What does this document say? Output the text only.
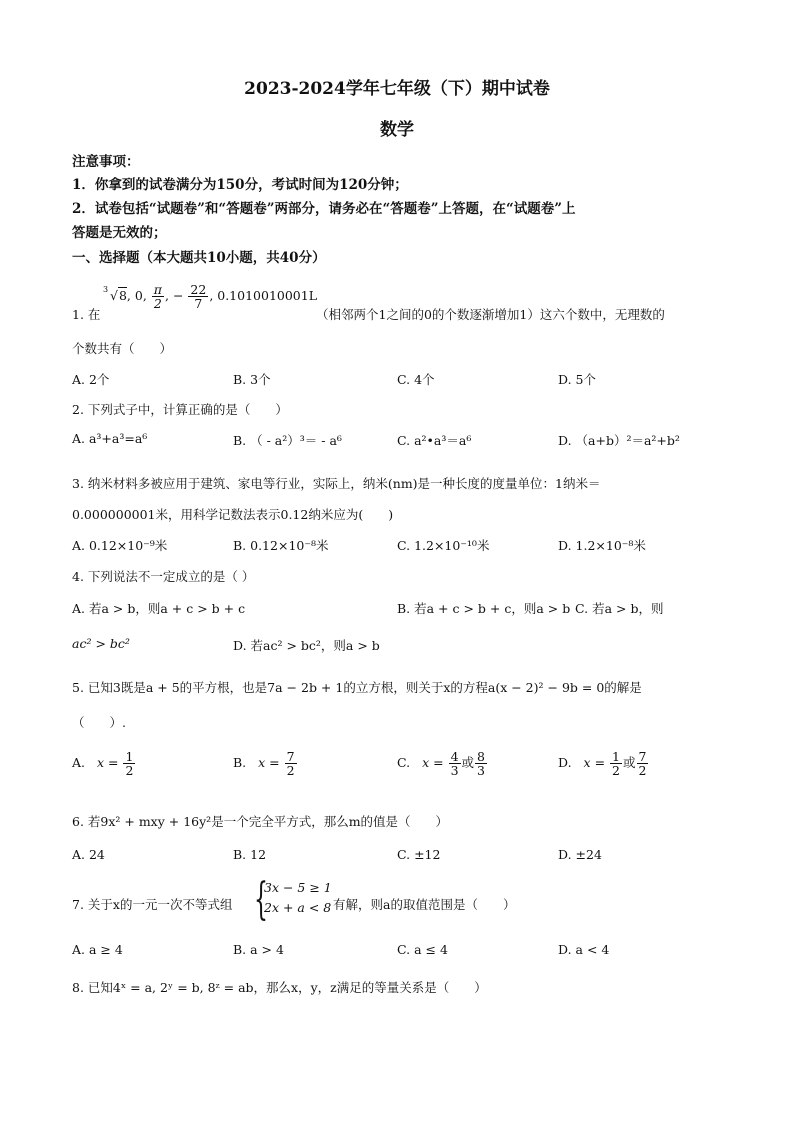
2023-2024学年七年级（下）期中试卷
数学
注意事项：
1．你拿到的试卷满分为150分，考试时间为120分钟；
2．试卷包括“试题卷”和“答题卷”两部分，请务必在“答题卷”上答题，在“试题卷”上
答题是无效的；
一、选择题（本大题共10小题，共40分）
1. 在
3 √8, 0, $\frac{\pi}{2}$ , − $\frac{22}{7}$ , 0.1010010001L
（相邻两个1之间的0的个数逐渐增加1）这六个数中，无理数的
个数共有（　　）
A. 2个	B. 3个	C. 4个	D. 5个
2. 下列式子中，计算正确的是（　　）
A. a³+a³=a⁶	B. （ - a²）³＝ - a⁶	C. a²•a³＝a⁶	D. （a+b）²＝a²+b²
3. 纳米材料多被应用于建筑、家电等行业，实际上，纳米(nm)是一种长度的度量单位：1纳米＝
0.000000001米，用科学记数法表示0.12纳米应为(　　)
A. 0.12×10⁻⁹米	B. 0.12×10⁻⁸米	C. 1.2×10⁻¹⁰米	D. 1.2×10⁻⁸米
4. 下列说法不一定成立的是（ ）
A. 若a > b，则a + c > b + c	B. 若a + c > b + c，则a > b C. 若a > b，则
ac² > bc²	D. 若ac² > bc²，则a > b
5. 已知3既是a + 5的平方根，也是7a − 2b + 1的立方根，则关于x的方程a(x − 2)² − 9b = 0的解是
（　　）.
A. $x = \frac{1}{2}$	B. $x = \frac{7}{2}$	C. $x = \frac{4}{3}$ 或 $\frac{8}{3}$	D. $x = \frac{1}{2}$ 或 $\frac{7}{2}$
6. 若9x² + mxy + 16y²是一个完全平方式，那么m的值是（　　）
A. 24	B. 12	C. ±12	D. ±24
7. 关于x的一元一次不等式组 {
3x − 5 ≥ 1
2x + a < 8 有解，则a的取值范围是（　　）
A. a ≥ 4	B. a > 4	C. a ≤ 4	D. a < 4
8. 已知4ˣ = a, 2ʸ = b, 8ᶻ = ab，那么x，y，z满足的等量关系是（　　）
